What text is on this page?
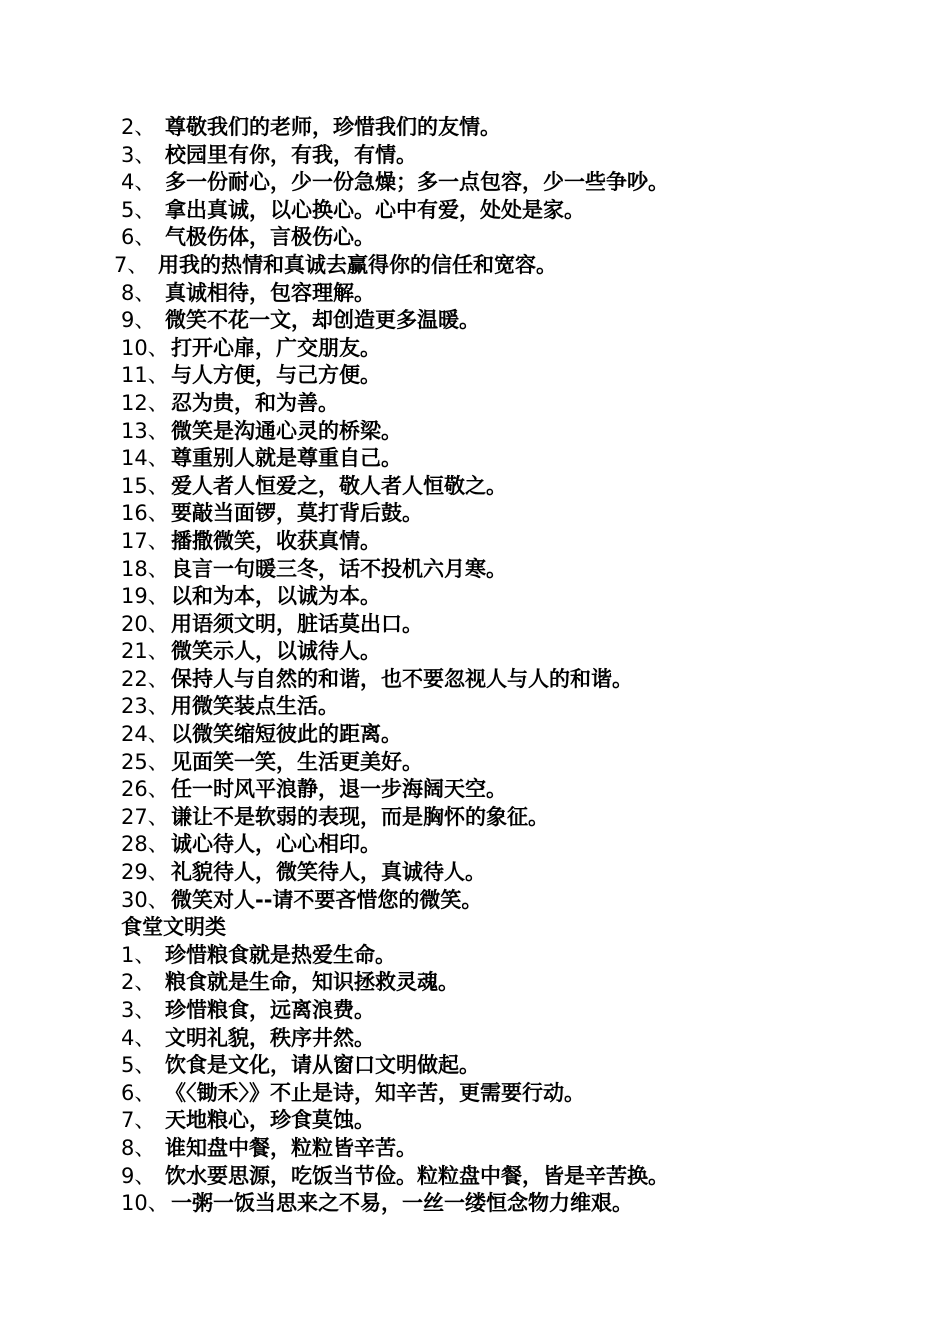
2、 尊敬我们的老师，珍惜我们的友情。
3、 校园里有你，有我，有情。
4、 多一份耐心，少一份急燥；多一点包容，少一些争吵。
5、 拿出真诚，以心换心。心中有爱，处处是家。
6、 气极伤体，言极伤心。
7、 用我的热情和真诚去赢得你的信任和宽容。
8、 真诚相待，包容理解。
9、 微笑不花一文，却创造更多温暖。
10、 打开心扉，广交朋友。
11、 与人方便，与己方便。
12、 忍为贵，和为善。
13、 微笑是沟通心灵的桥梁。
14、 尊重别人就是尊重自己。
15、 爱人者人恒爱之，敬人者人恒敬之。
16、 要敲当面锣，莫打背后鼓。
17、 播撒微笑，收获真情。
18、 良言一句暖三冬，话不投机六月寒。
19、 以和为本，以诚为本。
20、 用语须文明，脏话莫出口。
21、 微笑示人，以诚待人。
22、 保持人与自然的和谐，也不要忽视人与人的和谐。
23、 用微笑装点生活。
24、 以微笑缩短彼此的距离。
25、 见面笑一笑，生活更美好。
26、 任一时风平浪静，退一步海阔天空。
27、 谦让不是软弱的表现，而是胸怀的象征。
28、 诚心待人，心心相印。
29、 礼貌待人，微笑待人，真诚待人。
30、 微笑对人--请不要吝惜您的微笑。
食堂文明类
1、 珍惜粮食就是热爱生命。
2、 粮食就是生命，知识拯救灵魂。
3、 珍惜粮食，远离浪费。
4、 文明礼貌，秩序井然。
5、 饮食是文化，请从窗口文明做起。
6、 《〈锄禾〉》不止是诗，知辛苦，更需要行动。
7、 天地粮心，珍食莫蚀。
8、 谁知盘中餐，粒粒皆辛苦。
9、 饮水要思源，吃饭当节俭。粒粒盘中餐，皆是辛苦换。
10、 一粥一饭当思来之不易，一丝一缕恒念物力维艰。
